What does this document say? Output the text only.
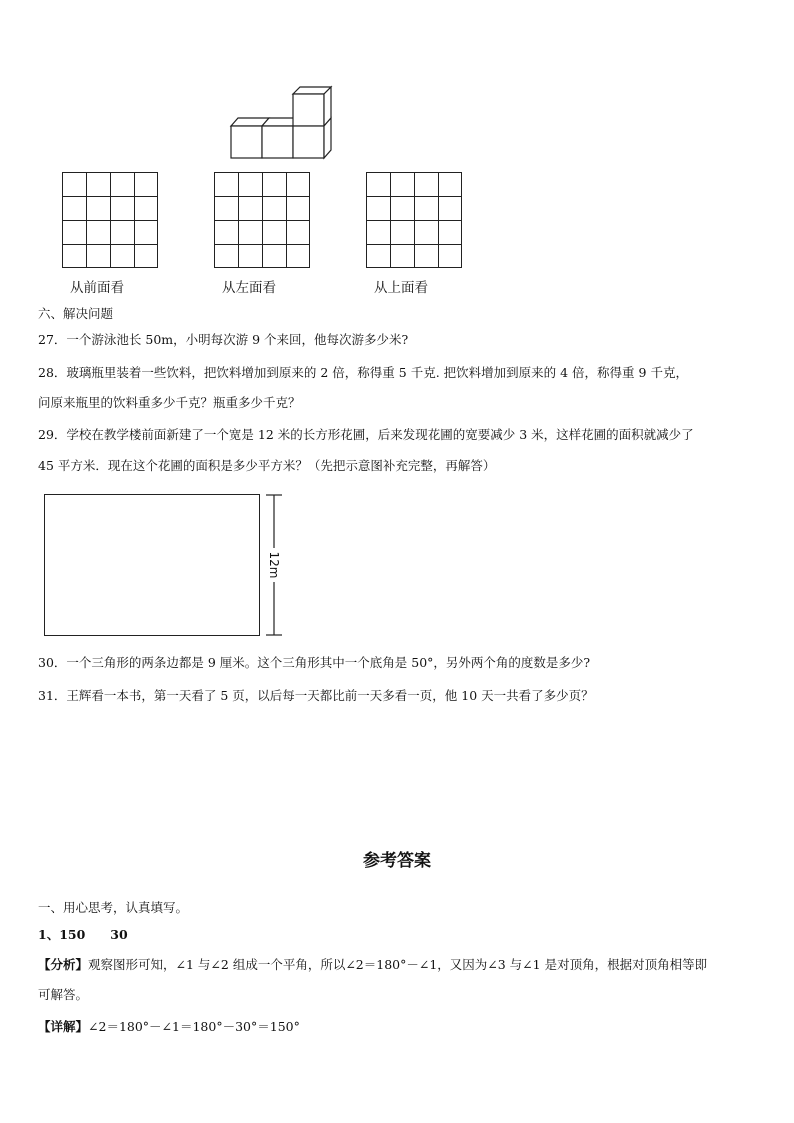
从前面看	从左面看	从上面看
六、解决问题
27．一个游泳池长 50m，小明每次游 9 个来回，他每次游多少米?
28．玻璃瓶里装着一些饮料，把饮料增加到原来的 2 倍，称得重 5 千克. 把饮料增加到原来的 4 倍，称得重 9 千克，
问原来瓶里的饮料重多少千克？瓶重多少千克？
29．学校在教学楼前面新建了一个宽是 12 米的长方形花圃，后来发现花圃的宽要减少 3 米，这样花圃的面积就减少了
45 平方米．现在这个花圃的面积是多少平方米？（先把示意图补充完整，再解答）
12m
30．一个三角形的两条边都是 9 厘米。这个三角形其中一个底角是 50°，另外两个角的度数是多少?
31．王辉看一本书，第一天看了 5 页，以后每一天都比前一天多看一页，他 10 天一共看了多少页？
参考答案
一、用心思考，认真填写。
1、150　　30
【分析】观察图形可知，∠1 与∠2 组成一个平角，所以∠2＝180°－∠1，又因为∠3 与∠1 是对顶角，根据对顶角相等即
可解答。
【详解】∠2＝180°－∠1＝180°－30°＝150°
